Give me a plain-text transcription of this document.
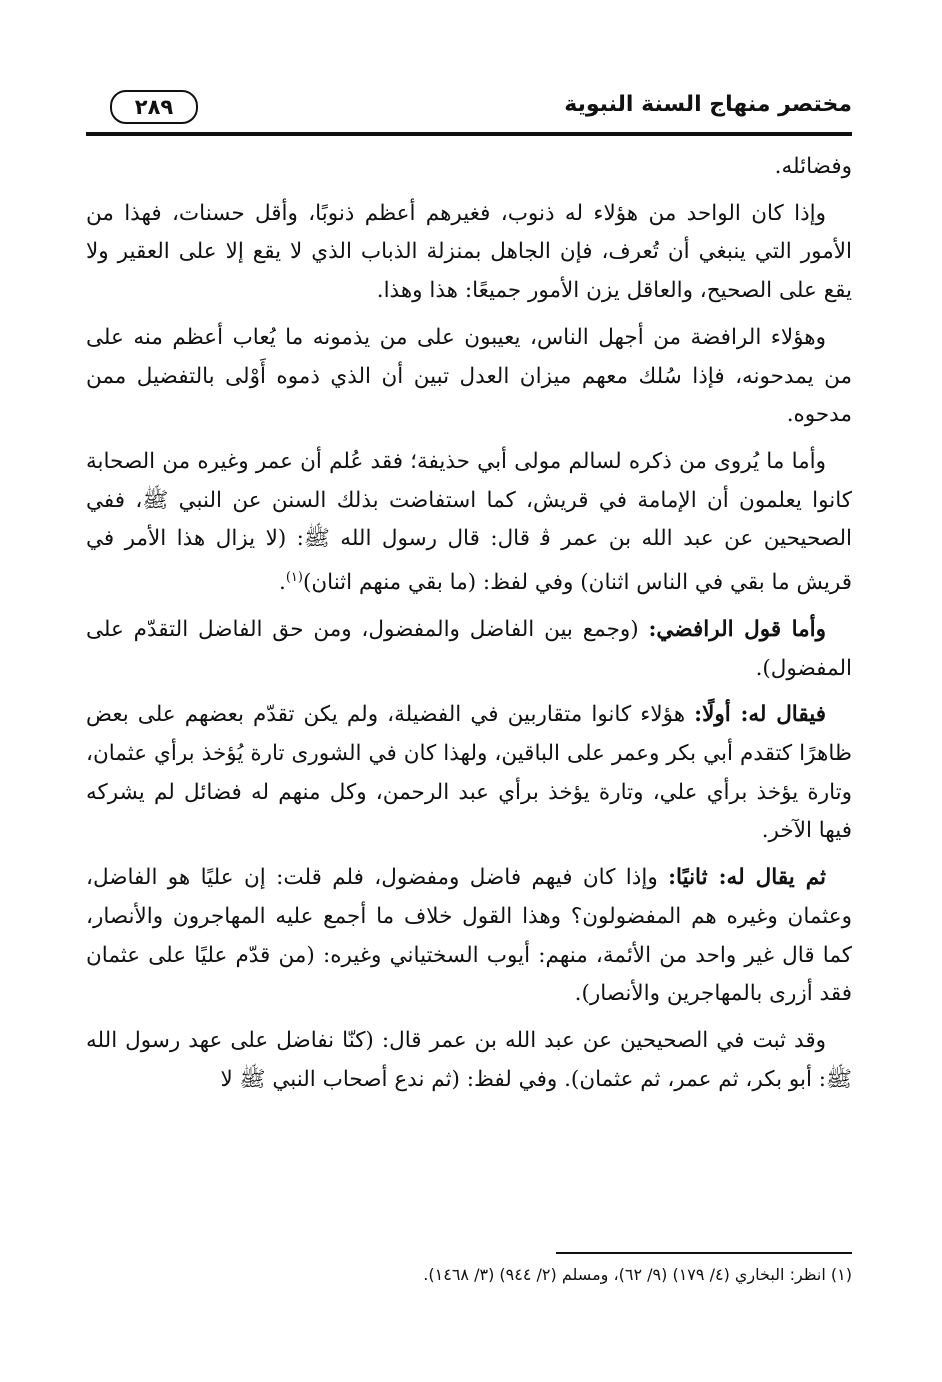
مختصر منهاج السنة النبوية
٢٨٩

وفضائله.

وإذا كان الواحد من هؤلاء له ذنوب، فغيرهم أعظم ذنوبًا، وأقل حسنات، فهذا من الأمور التي ينبغي أن تُعرف، فإن الجاهل بمنزلة الذباب الذي لا يقع إلا على العقير ولا يقع على الصحيح، والعاقل يزن الأمور جميعًا: هذا وهذا.

وهؤلاء الرافضة من أجهل الناس، يعيبون على من يذمونه ما يُعاب أعظم منه على من يمدحونه، فإذا سُلك معهم ميزان العدل تبين أن الذي ذموه أَوْلى بالتفضيل ممن مدحوه.

وأما ما يُروى من ذكره لسالم مولى أبي حذيفة؛ فقد عُلم أن عمر وغيره من الصحابة كانوا يعلمون أن الإمامة في قريش، كما استفاضت بذلك السنن عن النبي ﷺ، ففي الصحيحين عن عبد الله بن عمر ﭬ قال: قال رسول الله ﷺ: (لا يزال هذا الأمر في قريش ما بقي في الناس اثنان) وفي لفظ: (ما بقي منهم اثنان)$^{(١)}$.

وأما قول الرافضي: (وجمع بين الفاضل والمفضول، ومن حق الفاضل التقدّم على المفضول).

فيقال له: أولًا: هؤلاء كانوا متقاربين في الفضيلة، ولم يكن تقدّم بعضهم على بعض ظاهرًا كتقدم أبي بكر وعمر على الباقين، ولهذا كان في الشورى تارة يُؤخذ برأي عثمان، وتارة يؤخذ برأي علي، وتارة يؤخذ برأي عبد الرحمن، وكل منهم له فضائل لم يشركه فيها الآخر.

ثم يقال له: ثانيًا: وإذا كان فيهم فاضل ومفضول، فلم قلت: إن عليًا هو الفاضل، وعثمان وغيره هم المفضولون؟ وهذا القول خلاف ما أجمع عليه المهاجرون والأنصار، كما قال غير واحد من الأئمة، منهم: أيوب السختياني وغيره: (من قدّم عليًا على عثمان فقد أزرى بالمهاجرين والأنصار).

وقد ثبت في الصحيحين عن عبد الله بن عمر قال: (كنّا نفاضل على عهد رسول الله ﷺ: أبو بكر، ثم عمر، ثم عثمان). وفي لفظ: (ثم ندع أصحاب النبي ﷺ لا

(١) انظر: البخاري (٤/ ١٧٩) (٩/ ٦٢)، ومسلم (٢/ ٩٤٤) (٣/ ١٤٦٨).
